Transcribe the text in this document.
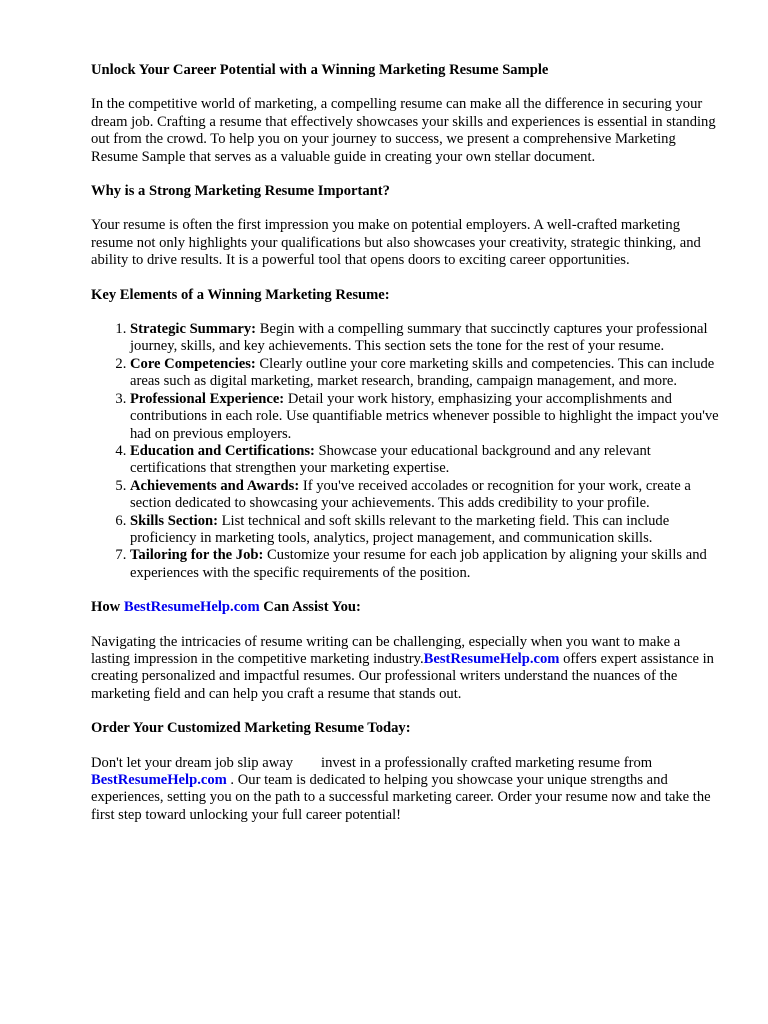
Unlock Your Career Potential with a Winning Marketing Resume Sample

In the competitive world of marketing, a compelling resume can make all the difference in securing your dream job. Crafting a resume that effectively showcases your skills and experiences is essential in standing out from the crowd. To help you on your journey to success, we present a comprehensive Marketing Resume Sample that serves as a valuable guide in creating your own stellar document.

Why is a Strong Marketing Resume Important?

Your resume is often the first impression you make on potential employers. A well-crafted marketing resume not only highlights your qualifications but also showcases your creativity, strategic thinking, and ability to drive results. It is a powerful tool that opens doors to exciting career opportunities.

Key Elements of a Winning Marketing Resume:
1. Strategic Summary: Begin with a compelling summary that succinctly captures your professional journey, skills, and key achievements. This section sets the tone for the rest of your resume.
2. Core Competencies: Clearly outline your core marketing skills and competencies. This can include areas such as digital marketing, market research, branding, campaign management, and more.
3. Professional Experience: Detail your work history, emphasizing your accomplishments and contributions in each role. Use quantifiable metrics whenever possible to highlight the impact you've had on previous employers.
4. Education and Certifications: Showcase your educational background and any relevant certifications that strengthen your marketing expertise.
5. Achievements and Awards: If you've received accolades or recognition for your work, create a section dedicated to showcasing your achievements. This adds credibility to your profile.
6. Skills Section: List technical and soft skills relevant to the marketing field. This can include proficiency in marketing tools, analytics, project management, and communication skills.
7. Tailoring for the Job: Customize your resume for each job application by aligning your skills and experiences with the specific requirements of the position.
How BestResumeHelp.com Can Assist You:

Navigating the intricacies of resume writing can be challenging, especially when you want to make a lasting impression in the competitive marketing industry.BestResumeHelp.com offers expert assistance in creating personalized and impactful resumes. Our professional writers understand the nuances of the marketing field and can help you craft a resume that stands out.

Order Your Customized Marketing Resume Today:

Don't let your dream job slip away invest in a professionally crafted marketing resume from
BestResumeHelp.com . Our team is dedicated to helping you showcase your unique strengths and experiences, setting you on the path to a successful marketing career. Order your resume now and take the first step toward unlocking your full career potential!
